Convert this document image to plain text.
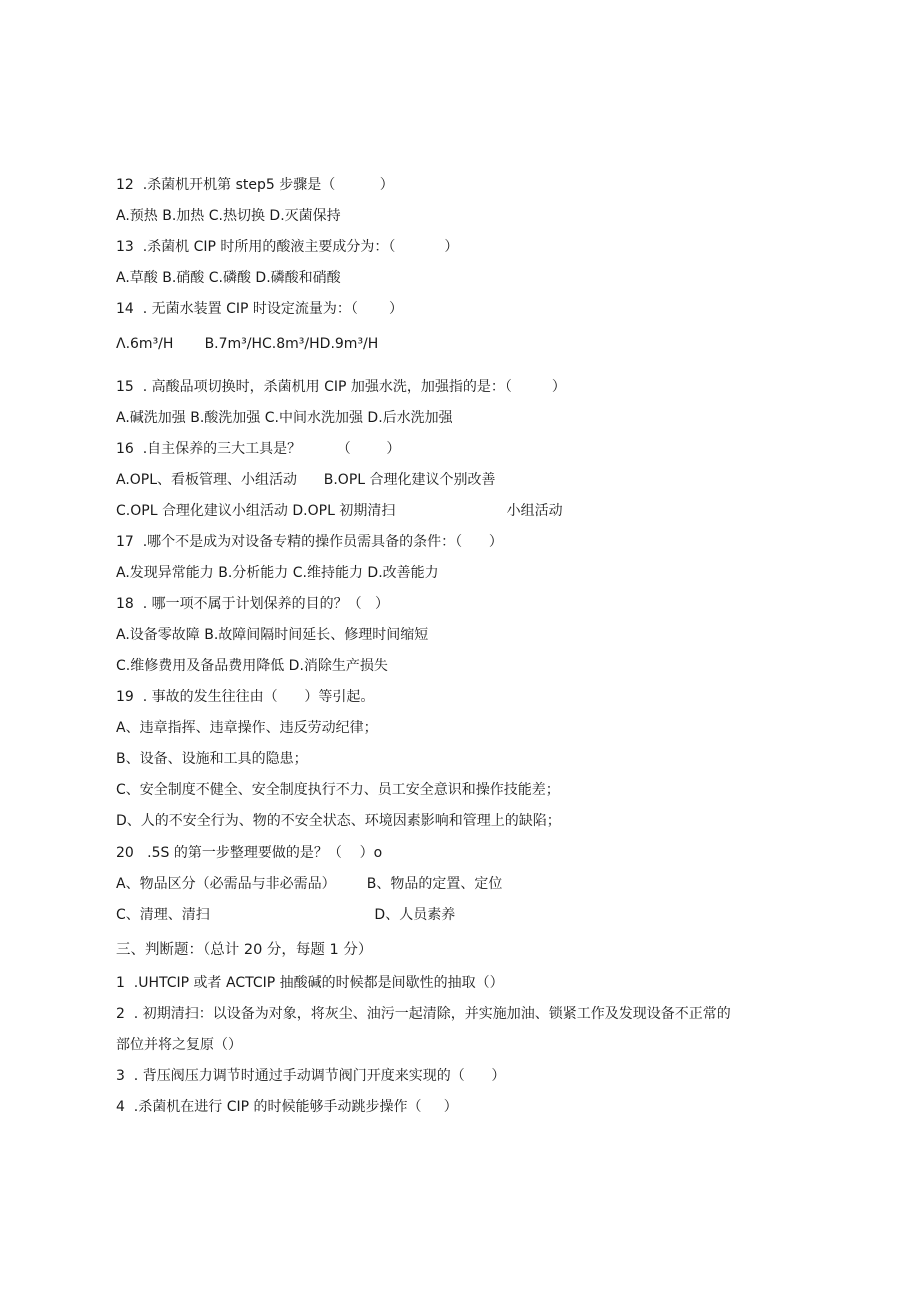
12  .杀菌机开机第 step5 步骤是（          ）
A.预热 B.加热 C.热切换 D.灭菌保持
13  .杀菌机 CIP 时所用的酸液主要成分为：（           ）
A.草酸 B.硝酸 C.磷酸 D.磷酸和硝酸
14  . 无菌水装置 CIP 时设定流量为：（       ）
Λ.6m³/H       B.7m³/HC.8m³/HD.9m³/H
15  . 高酸品项切换时，杀菌机用 CIP 加强水洗，加强指的是：（         ）
A.碱洗加强 B.酸洗加强 C.中间水洗加强 D.后水洗加强
16  .自主保养的三大工具是？        （        ）
A.OPL、看板管理、小组活动      B.OPL 合理化建议个别改善
C.OPL 合理化建议小组活动 D.OPL 初期清扫                         小组活动
17  .哪个不是成为对设备专精的操作员需具备的条件：（      ）
A.发现异常能力 B.分析能力 C.维持能力 D.改善能力
18  . 哪一项不属于计划保养的目的？（   ）
A.设备零故障 B.故障间隔时间延长、修理时间缩短
C.维修费用及备品费用降低 D.消除生产损失
19  . 事故的发生往往由（      ）等引起。
A、违章指挥、违章操作、违反劳动纪律；
B、设备、设施和工具的隐患；
C、安全制度不健全、安全制度执行不力、员工安全意识和操作技能差；
D、人的不安全行为、物的不安全状态、环境因素影响和管理上的缺陷；
20   .5S 的第一步整理要做的是？（    ）o
A、物品区分（必需品与非必需品）       B、物品的定置、定位
C、清理、清扫                                     D、人员素养
三、判断题：（总计 20 分，每题 1 分）
1  .UHTCIP 或者 ACTCIP 抽酸碱的时候都是间歇性的抽取（）
2  . 初期清扫：以设备为对象，将灰尘、油污一起清除，并实施加油、锁紧工作及发现设备不正常的
部位并将之复原（）
3  . 背压阀压力调节时通过手动调节阀门开度来实现的（      ）
4  .杀菌机在进行 CIP 的时候能够手动跳步操作（     ）
